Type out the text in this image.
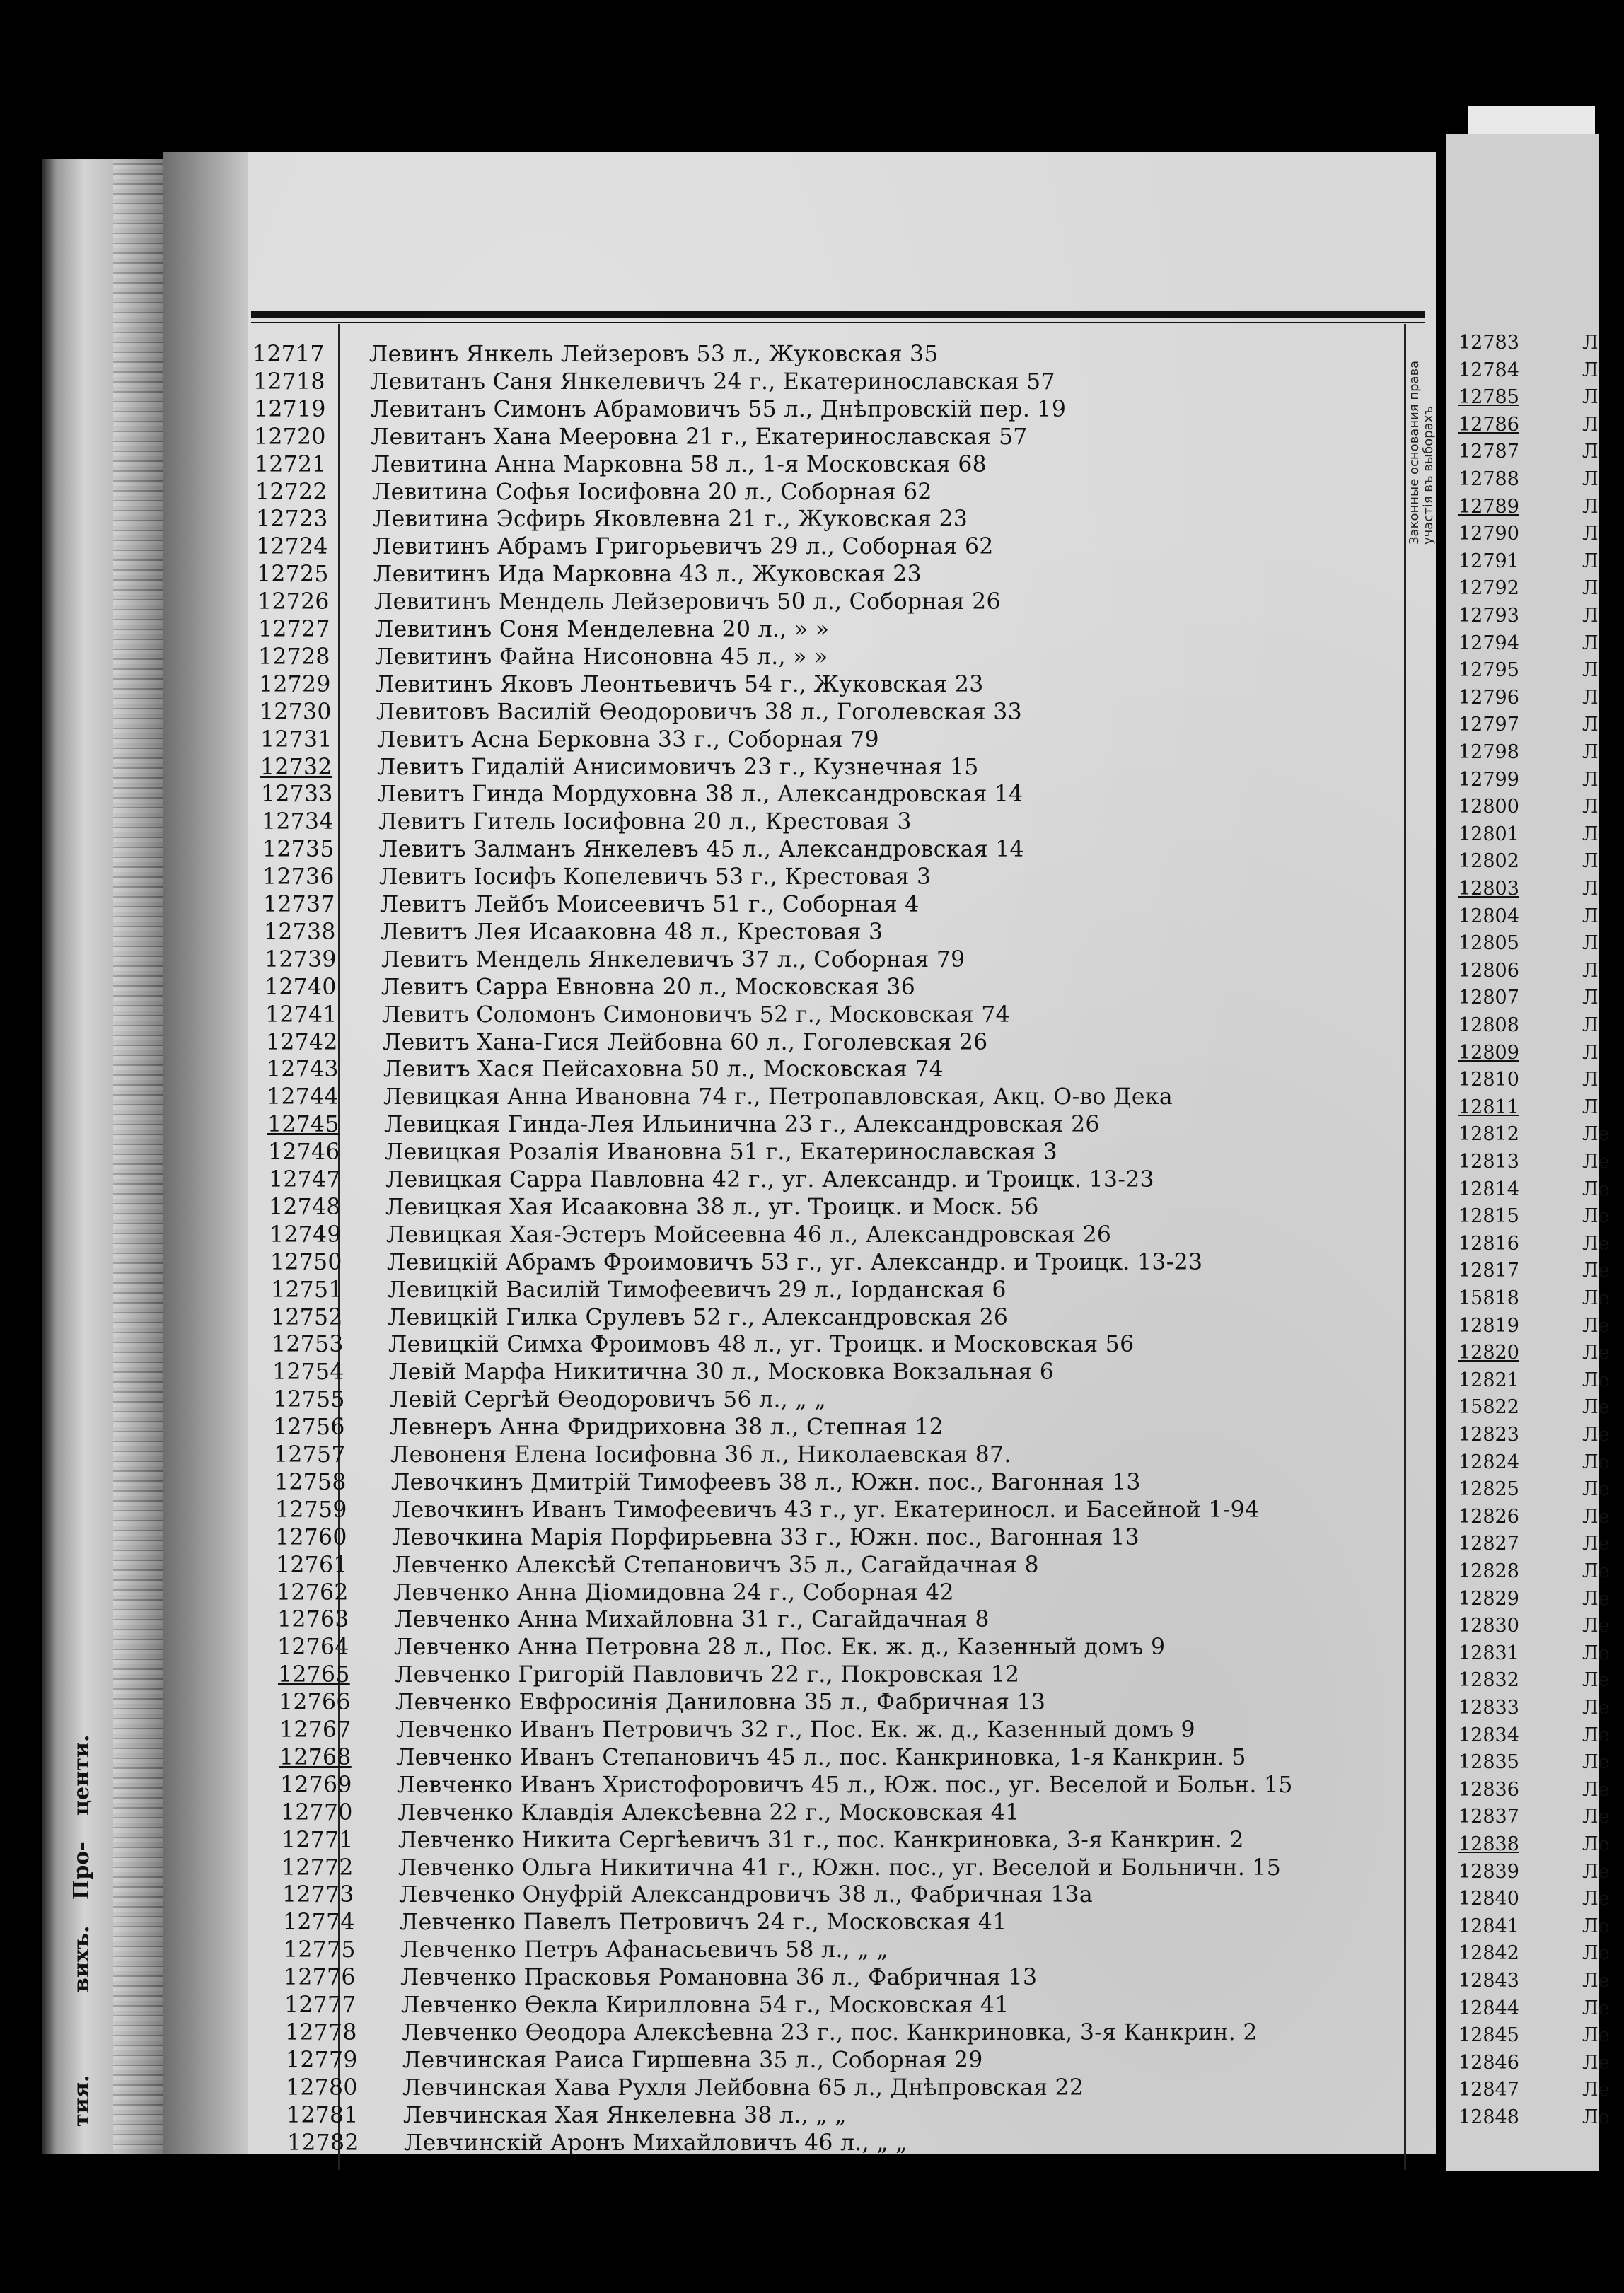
Про-
центи.
вихъ.
тия.
Законные основания права участія въ выборахъ
12717	Левинъ Янкель Лейзеровъ 53 л., Жуковская 35
12718	Левитанъ Саня Янкелевичъ 24 г., Екатеринославская 57
12719	Левитанъ Симонъ Абрамовичъ 55 л., Днѣпровскій пер. 19
12720	Левитанъ Хана Мееровна 21 г., Екатеринославская 57
12721	Левитина Анна Марковна 58 л., 1-я Московская 68
12722	Левитина Софья Іосифовна 20 л., Соборная 62
12723	Левитина Эсфирь Яковлевна 21 г., Жуковская 23
12724	Левитинъ Абрамъ Григорьевичъ 29 л., Соборная 62
12725	Левитинъ Ида Марковна 43 л., Жуковская 23
12726	Левитинъ Мендель Лейзеровичъ 50 л., Соборная 26
12727	Левитинъ Соня Менделевна 20 л., » »
12728	Левитинъ Файна Нисоновна 45 л., » »
12729	Левитинъ Яковъ Леонтьевичъ 54 г., Жуковская 23
12730	Левитовъ Василій Ѳеодоровичъ 38 л., Гоголевская 33
12731	Левитъ Асна Берковна 33 г., Соборная 79
12732	Левитъ Гидалій Анисимовичъ 23 г., Кузнечная 15
12733	Левитъ Гинда Мордуховна 38 л., Александровская 14
12734	Левитъ Гитель Іосифовна 20 л., Крестовая 3
12735	Левитъ Залманъ Янкелевъ 45 л., Александровская 14
12736	Левитъ Іосифъ Копелевичъ 53 г., Крестовая 3
12737	Левитъ Лейбъ Моисеевичъ 51 г., Соборная 4
12738	Левитъ Лея Исааковна 48 л., Крестовая 3
12739	Левитъ Мендель Янкелевичъ 37 л., Соборная 79
12740	Левитъ Сарра Евновна 20 л., Московская 36
12741	Левитъ Соломонъ Симоновичъ 52 г., Московская 74
12742	Левитъ Хана-Гися Лейбовна 60 л., Гоголевская 26
12743	Левитъ Хася Пейсаховна 50 л., Московская 74
12744	Левицкая Анна Ивановна 74 г., Петропавловская, Акц. О-во Дека
12745	Левицкая Гинда-Лея Ильинична 23 г., Александровская 26
12746	Левицкая Розалія Ивановна 51 г., Екатеринославская 3
12747	Левицкая Сарра Павловна 42 г., уг. Александр. и Троицк. 13-23
12748	Левицкая Хая Исааковна 38 л., уг. Троицк. и Моск. 56
12749	Левицкая Хая-Эстеръ Мойсеевна 46 л., Александровская 26
12750	Левицкій Абрамъ Фроимовичъ 53 г., уг. Александр. и Троицк. 13-23
12751	Левицкій Василій Тимофеевичъ 29 л., Іорданская 6
12752	Левицкій Гилка Срулевъ 52 г., Александровская 26
12753	Левицкій Симха Фроимовъ 48 л., уг. Троицк. и Московская 56
12754	Левій Марфа Никитична 30 л., Московка Вокзальная 6
12755	Левій Сергѣй Ѳеодоровичъ 56 л., „ „
12756	Левнеръ Анна Фридриховна 38 л., Степная 12
12757	Левоненя Елена Іосифовна 36 л., Николаевская 87.
12758	Левочкинъ Дмитрій Тимофеевъ 38 л., Южн. пос., Вагонная 13
12759	Левочкинъ Иванъ Тимофеевичъ 43 г., уг. Екатериносл. и Басейной 1-94
12760	Левочкина Марія Порфирьевна 33 г., Южн. пос., Вагонная 13
12761	Левченко Алексѣй Степановичъ 35 л., Сагайдачная 8
12762	Левченко Анна Діомидовна 24 г., Соборная 42
12763	Левченко Анна Михайловна 31 г., Сагайдачная 8
12764	Левченко Анна Петровна 28 л., Пос. Ек. ж. д., Казенный домъ 9
12765	Левченко Григорій Павловичъ 22 г., Покровская 12
12766	Левченко Евфросинія Даниловна 35 л., Фабричная 13
12767	Левченко Иванъ Петровичъ 32 г., Пос. Ек. ж. д., Казенный домъ 9
12768	Левченко Иванъ Степановичъ 45 л., пос. Канкриновка, 1-я Канкрин. 5
12769	Левченко Иванъ Христофоровичъ 45 л., Юж. пос., уг. Веселой и Больн. 15
12770	Левченко Клавдія Алексѣевна 22 г., Московская 41
12771	Левченко Никита Сергѣевичъ 31 г., пос. Канкриновка, 3-я Канкрин. 2
12772	Левченко Ольга Никитична 41 г., Южн. пос., уг. Веселой и Больничн. 15
12773	Левченко Онуфрій Александровичъ 38 л., Фабричная 13а
12774	Левченко Павелъ Петровичъ 24 г., Московская 41
12775	Левченко Петръ Афанасьевичъ 58 л., „ „
12776	Левченко Прасковья Романовна 36 л., Фабричная 13
12777	Левченко Ѳекла Кирилловна 54 г., Московская 41
12778	Левченко Ѳеодора Алексѣевна 23 г., пос. Канкриновка, 3-я Канкрин. 2
12779	Левчинская Раиса Гиршевна 35 л., Соборная 29
12780	Левчинская Хава Рухля Лейбовна 65 л., Днѣпровская 22
12781	Левчинская Хая Янкелевна 38 л., „ „
12782	Левчинскій Аронъ Михайловичъ 46 л., „ „
12783	Л
12784	Л
12785	Л
12786	Л
12787	Л
12788	Л
12789	Л
12790	Л
12791	Л
12792	Л
12793	Л
12794	Л
12795	Л
12796	Л
12797	Л
12798	Л
12799	Л
12800	Л
12801	Л
12802	Л
12803	Л
12804	Л
12805	Л
12806	Л
12807	Л
12808	Л
12809	Л
12810	Л
12811	Л
12812	Ле
12813	Ле
12814	Ле
12815	Ле
12816	Ле
12817	Ле
15818	Ле
12819	Ле
12820	Ле
12821	Ле
15822	Ле
12823	Ле
12824	Ле
12825	Ле
12826	Ле
12827	Ле
12828	Ле
12829	Ле
12830	Ле
12831	Ле
12832	Ле
12833	Ле
12834	Ле
12835	Ле
12836	Ле
12837	Ле
12838	Ле
12839	Ле
12840	Ле
12841	Ле
12842	Ле
12843	Ле
12844	Ле
12845	Ле
12846	Ле
12847	Ле
12848	Ле
